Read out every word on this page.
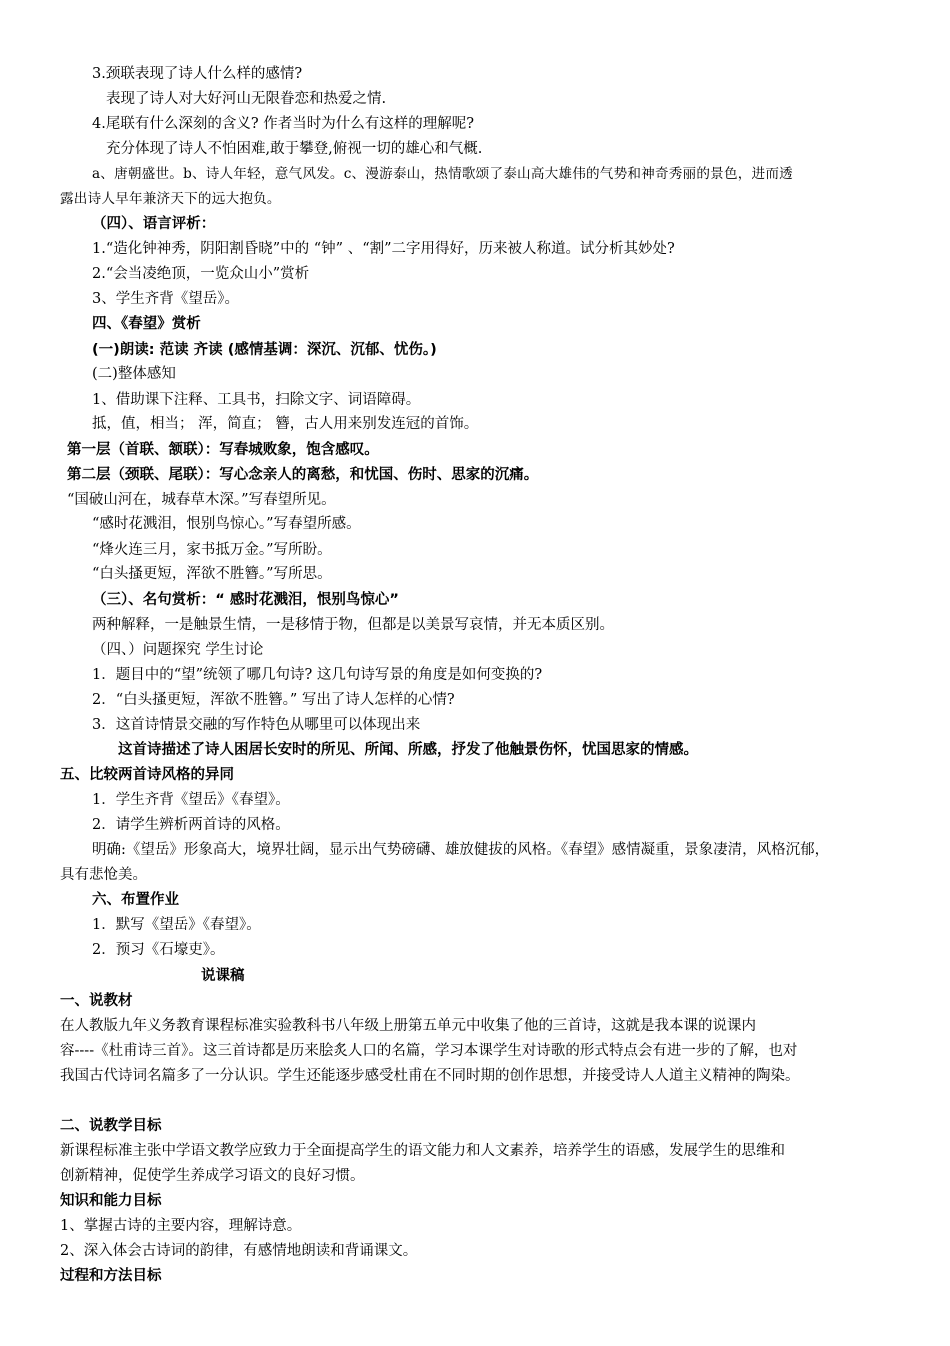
3.颈联表现了诗人什么样的感情?
表现了诗人对大好河山无限眷恋和热爱之情.
4.尾联有什么深刻的含义? 作者当时为什么有这样的理解呢?
充分体现了诗人不怕困难,敢于攀登,俯视一切的雄心和气概.
a、唐朝盛世。b、诗人年轻，意气风发。c、漫游泰山，热情歌颂了泰山高大雄伟的气势和神奇秀丽的景色，进而透
露出诗人早年兼济天下的远大抱负。
（四）、语言评析：
1.“造化钟神秀，阴阳割昏晓”中的 “钟” 、“割”二字用得好，历来被人称道。试分析其妙处?
2.“会当凌绝顶，一览众山小”赏析
3、学生齐背《望岳》。
四、《春望》赏析
(一)朗读: 范读 齐读 (感情基调：深沉、沉郁、忧伤。)
(二)整体感知
1、借助课下注释、工具书，扫除文字、词语障碍。
抵，值，相当； 浑，简直； 簪，古人用来别发连冠的首饰。
第一层（首联、颔联）：写春城败象，饱含感叹。
第二层（颈联、尾联）：写心念亲人的离愁，和忧国、伤时、思家的沉痛。
“国破山河在，城春草木深。”写春望所见。
“感时花溅泪，恨别鸟惊心。”写春望所感。
“烽火连三月，家书抵万金。”写所盼。
“白头搔更短，浑欲不胜簪。”写所思。
（三）、名句赏析：“ 感时花溅泪，恨别鸟惊心”
两种解释，一是触景生情，一是移情于物，但都是以美景写哀情，并无本质区别。
（四、）问题探究 学生讨论
1．题目中的“望”统领了哪几句诗? 这几句诗写景的角度是如何变换的?
2．“白头搔更短，浑欲不胜簪。” 写出了诗人怎样的心情?
3．这首诗情景交融的写作特色从哪里可以体现出来
这首诗描述了诗人困居长安时的所见、所闻、所感，抒发了他触景伤怀，忧国思家的情感。
五、比较两首诗风格的异同
1．学生齐背《望岳》《春望》。
2．请学生辨析两首诗的风格。
明确:《望岳》形象高大，境界壮阔，显示出气势磅礴、雄放健拔的风格。《春望》感情凝重，景象凄清，风格沉郁，
具有悲怆美。
六、布置作业
1．默写《望岳》《春望》。
2．预习《石壕吏》。
说课稿
一、说教材
在人教版九年义务教育课程标准实验教科书八年级上册第五单元中收集了他的三首诗，这就是我本课的说课内
容----《杜甫诗三首》。这三首诗都是历来脍炙人口的名篇，学习本课学生对诗歌的形式特点会有进一步的了解，也对
我国古代诗词名篇多了一分认识。学生还能逐步感受杜甫在不同时期的创作思想，并接受诗人人道主义精神的陶染。
二、说教学目标
新课程标准主张中学语文教学应致力于全面提高学生的语文能力和人文素养，培养学生的语感，发展学生的思维和
创新精神，促使学生养成学习语文的良好习惯。
知识和能力目标
1、掌握古诗的主要内容，理解诗意。
2、深入体会古诗词的韵律，有感情地朗读和背诵课文。
过程和方法目标
